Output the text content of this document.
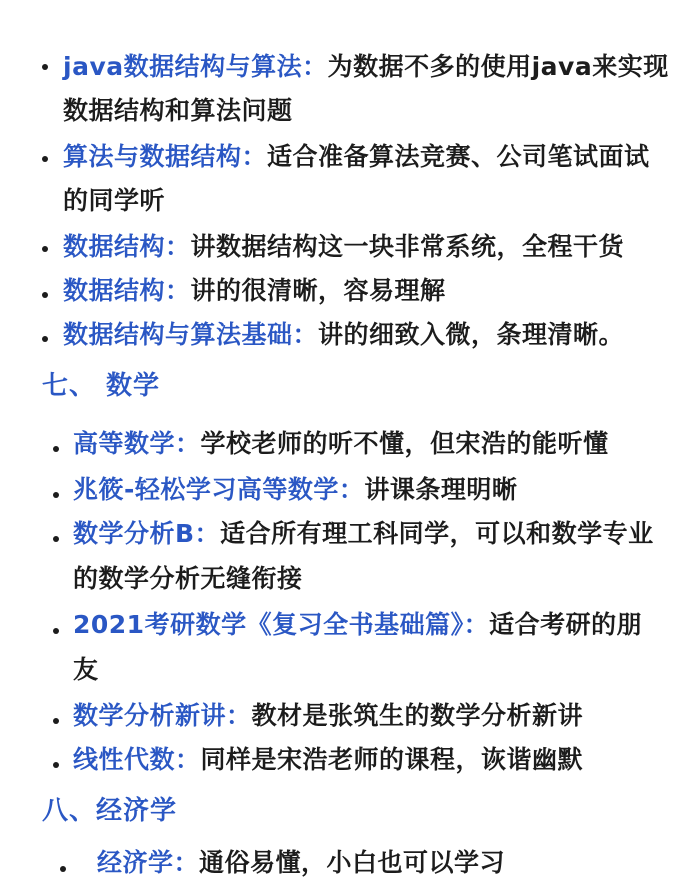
java数据结构与算法：为数据不多的使用java来实现
数据结构和算法问题
算法与数据结构：适合准备算法竞赛、公司笔试面试
的同学听
数据结构：讲数据结构这一块非常系统，全程干货
数据结构：讲的很清晰，容易理解
数据结构与算法基础：讲的细致入微，条理清晰。
七、 数学
高等数学：学校老师的听不懂，但宋浩的能听懂
兆筱-轻松学习高等数学：讲课条理明晰
数学分析B：适合所有理工科同学，可以和数学专业
的数学分析无缝衔接
2021考研数学《复习全书基础篇》：适合考研的朋
友
数学分析新讲：教材是张筑生的数学分析新讲
线性代数：同样是宋浩老师的课程，诙谐幽默
八、经济学
经济学：通俗易懂，小白也可以学习
